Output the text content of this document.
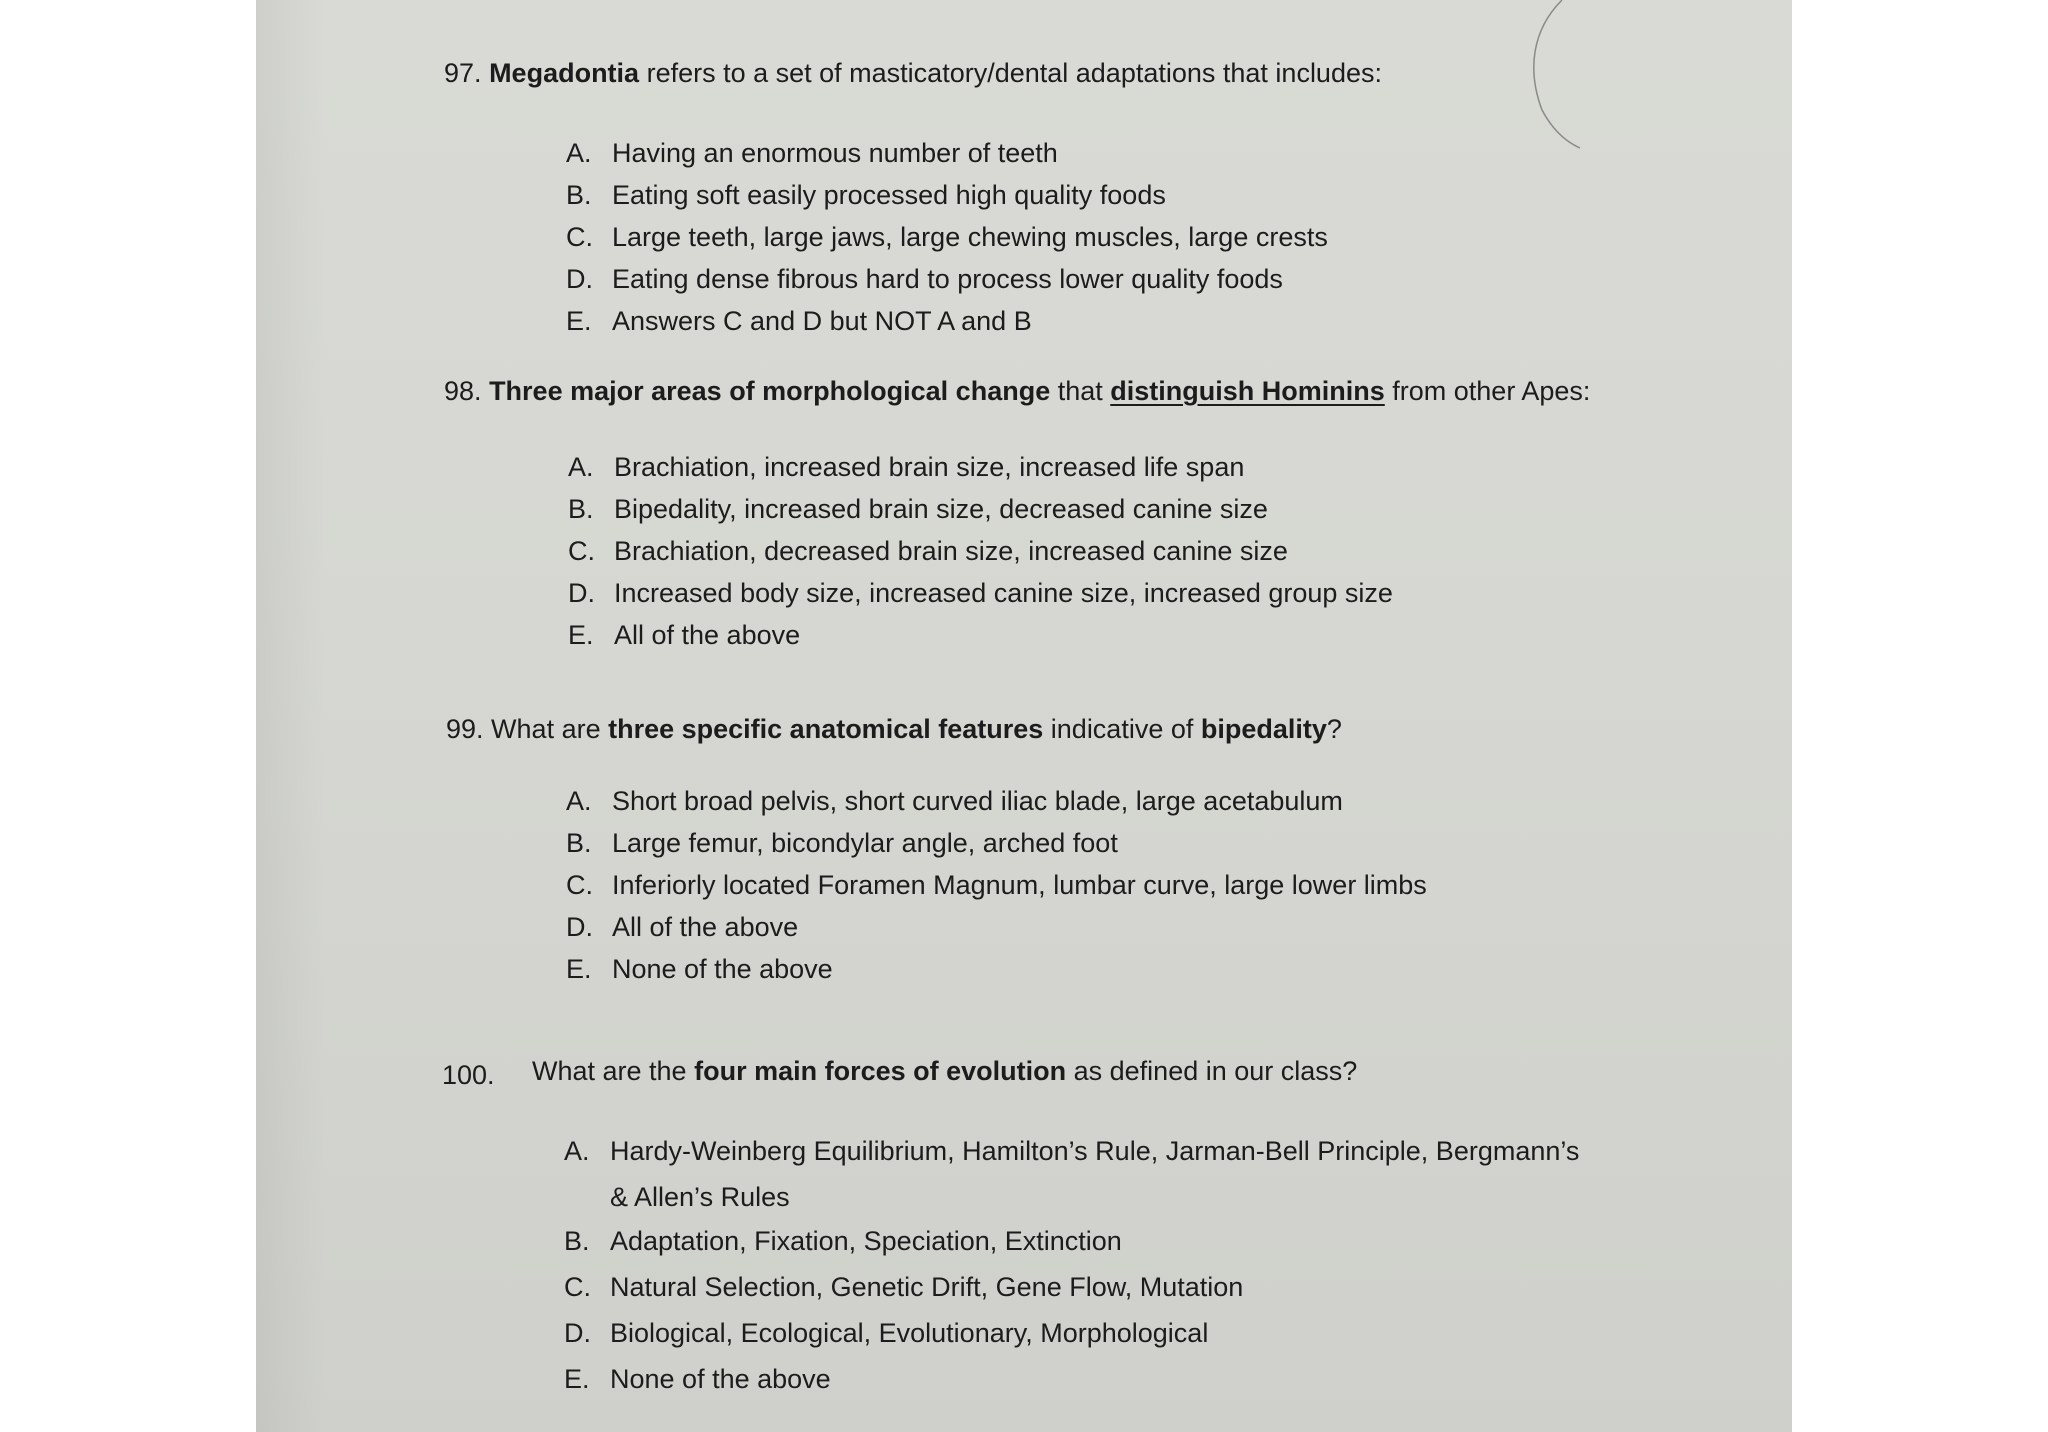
97. Megadontia refers to a set of masticatory/dental adaptations that includes:
A. Having an enormous number of teeth
B. Eating soft easily processed high quality foods
C. Large teeth, large jaws, large chewing muscles, large crests
D. Eating dense fibrous hard to process lower quality foods
E. Answers C and D but NOT A and B
98. Three major areas of morphological change that distinguish Hominins from other Apes:
A. Brachiation, increased brain size, increased life span
B. Bipedality, increased brain size, decreased canine size
C. Brachiation, decreased brain size, increased canine size
D. Increased body size, increased canine size, increased group size
E. All of the above
99. What are three specific anatomical features indicative of bipedality?
A. Short broad pelvis, short curved iliac blade, large acetabulum
B. Large femur, bicondylar angle, arched foot
C. Inferiorly located Foramen Magnum, lumbar curve, large lower limbs
D. All of the above
E. None of the above
100. What are the four main forces of evolution as defined in our class?
A. Hardy-Weinberg Equilibrium, Hamilton’s Rule, Jarman-Bell Principle, Bergmann’s
& Allen’s Rules
B. Adaptation, Fixation, Speciation, Extinction
C. Natural Selection, Genetic Drift, Gene Flow, Mutation
D. Biological, Ecological, Evolutionary, Morphological
E. None of the above
